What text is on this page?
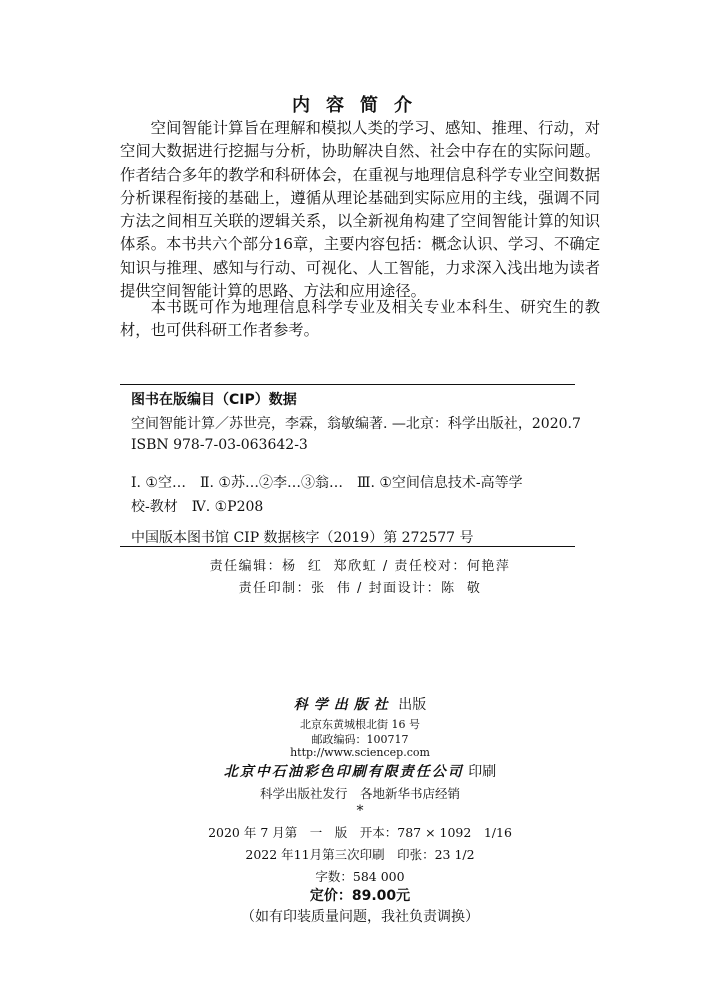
内容简介

空间智能计算旨在理解和模拟人类的学习、感知、推理、行动，对空间大数据进行挖掘与分析，协助解决自然、社会中存在的实际问题。作者结合多年的教学和科研体会，在重视与地理信息科学专业空间数据分析课程衔接的基础上，遵循从理论基础到实际应用的主线，强调不同方法之间相互关联的逻辑关系，以全新视角构建了空间智能计算的知识体系。本书共六个部分16章，主要内容包括：概念认识、学习、不确定知识与推理、感知与行动、可视化、人工智能，力求深入浅出地为读者提供空间智能计算的思路、方法和应用途径。

本书既可作为地理信息科学专业及相关专业本科生、研究生的教材，也可供科研工作者参考。

图书在版编目（CIP）数据
空间智能计算／苏世亮，李霖，翁敏编著. —北京：科学出版社，2020.7
ISBN 978-7-03-063642-3
Ⅰ. ①空…　Ⅱ. ①苏…②李…③翁…　Ⅲ. ①空间信息技术-高等学
校-教材　Ⅳ. ①P208
中国版本图书馆 CIP 数据核字（2019）第 272577 号
责任编辑：杨  红  郑欣虹 / 责任校对：何艳萍
责任印制：张  伟 / 封面设计：陈  敬
科学出版社 出版
北京东黄城根北街 16 号
邮政编码：100717
http://www.sciencep.com
北京中石油彩色印刷有限责任公司 印刷
科学出版社发行　各地新华书店经销
*
2020 年 7 月第　一　版　开本：787 × 1092　1/16
2022 年11月第三次印刷　印张：23 1/2
字数：584 000
定价：89.00元
（如有印装质量问题，我社负责调换）
